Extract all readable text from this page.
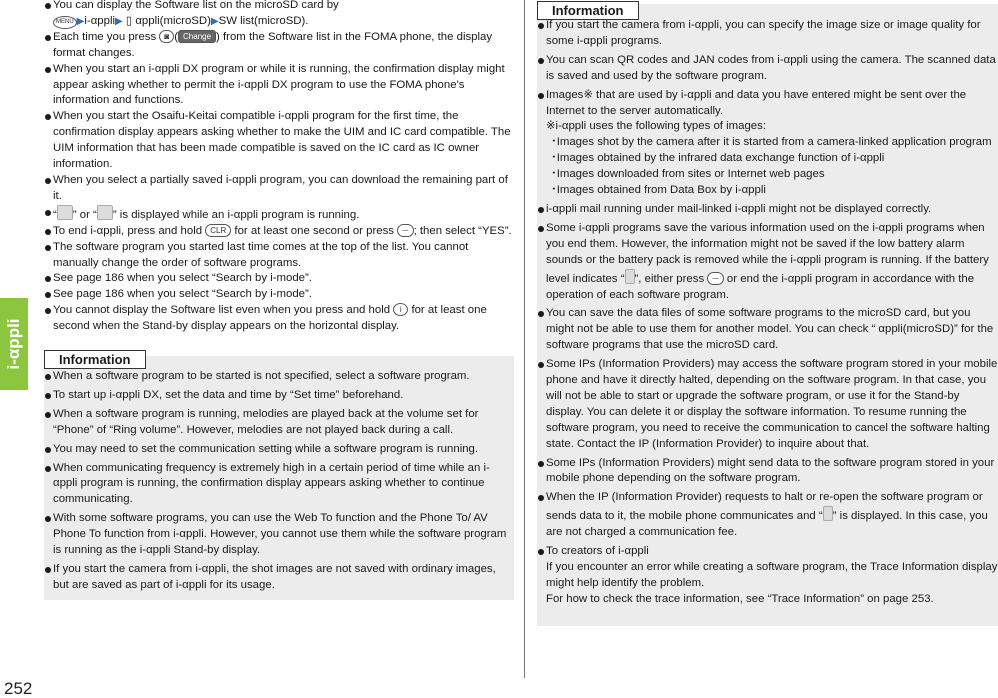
i-αppli
252

You can display the Software list on the microSD card by
MENU ▶i-αppli▶ ▯ αppli(microSD)▶SW list(microSD).

Each time you press ◙ ( Change ) from the Software list in the FOMA phone, the display format changes.

When you start an i-αppli DX program or while it is running, the confirmation display might appear asking whether to permit the i-αppli DX program to use the FOMA phone's information and functions.

When you start the Osaifu-Keitai compatible i-αppli program for the first time, the confirmation display appears asking whether to make the UIM and IC card compatible. The UIM information that has been made compatible is saved on the IC card as IC owner information.

When you select a partially saved i-αppli program, you can download the remaining part of it.

“ ” or “ ” is displayed while an i-αppli program is running.

To end i-αppli, press and hold CLR for at least one second or press ⏤ ; then select “YES”.

The software program you started last time comes at the top of the list. You cannot manually change the order of software programs.

See page 186 when you select “Search by i-mode”.

See page 186 when you select “Search by i-mode”.

You cannot display the Software list even when you press and hold i for at least one second when the Stand-by display appears on the horizontal display.

Information

When a software program to be started is not specified, select a software program.

To start up i-αppli DX, set the data and time by “Set time” beforehand.

When a software program is running, melodies are played back at the volume set for “Phone” of “Ring volume”. However, melodies are not played back during a call.

You may need to set the communication setting while a software program is running.

When communicating frequency is extremely high in a certain period of time while an i-αppli program is running, the confirmation display appears asking whether to continue communicating.

With some software programs, you can use the Web To function and the Phone To/ AV Phone To function from i-αppli. However, you cannot use them while the software program is running as the i-αppli Stand-by display.

If you start the camera from i-αppli, the shot images are not saved with ordinary images, but are saved as part of i-αppli for its usage.

Information

If you start the camera from i-αppli, you can specify the image size or image quality for some i-αppli programs.

You can scan QR codes and JAN codes from i-αppli using the camera. The scanned data is saved and used by the software program.

Images※ that are used by i-αppli and data you have entered might be sent over the Internet to the server automatically.

※i-αppli uses the following types of images:

･Images shot by the camera after it is started from a camera-linked application program

･Images obtained by the infrared data exchange function of i-αppli

･Images downloaded from sites or Internet web pages

･Images obtained from Data Box by i-αppli

i-αppli mail running under mail-linked i-αppli might not be displayed correctly.

Some i-αppli programs save the various information used on the i-αppli programs when you end them. However, the information might not be saved if the low battery alarm sounds or the battery pack is removed while the i-αppli program is running. If the battery level indicates “ ”, either press ⏤ or end the i-αppli program in accordance with the operation of each software program.

You can save the data files of some software programs to the microSD card, but you might not be able to use them for another model. You can check “ αppli(microSD)” for the software programs that use the microSD card.

Some IPs (Information Providers) may access the software program stored in your mobile phone and have it directly halted, depending on the software program. In that case, you will not be able to start or upgrade the software program, or use it for the Stand-by display. You can delete it or display the software information. To resume running the software program, you need to receive the communication to cancel the software halting state. Contact the IP (Information Provider) to inquire about that.

Some IPs (Information Providers) might send data to the software program stored in your mobile phone depending on the software program.

When the IP (Information Provider) requests to halt or re-open the software program or sends data to it, the mobile phone communicates and “ ” is displayed. In this case, you are not charged a communication fee.

To creators of i-αppli
If you encounter an error while creating a software program, the Trace Information display might help identify the problem.
For how to check the trace information, see “Trace Information” on page 253.
